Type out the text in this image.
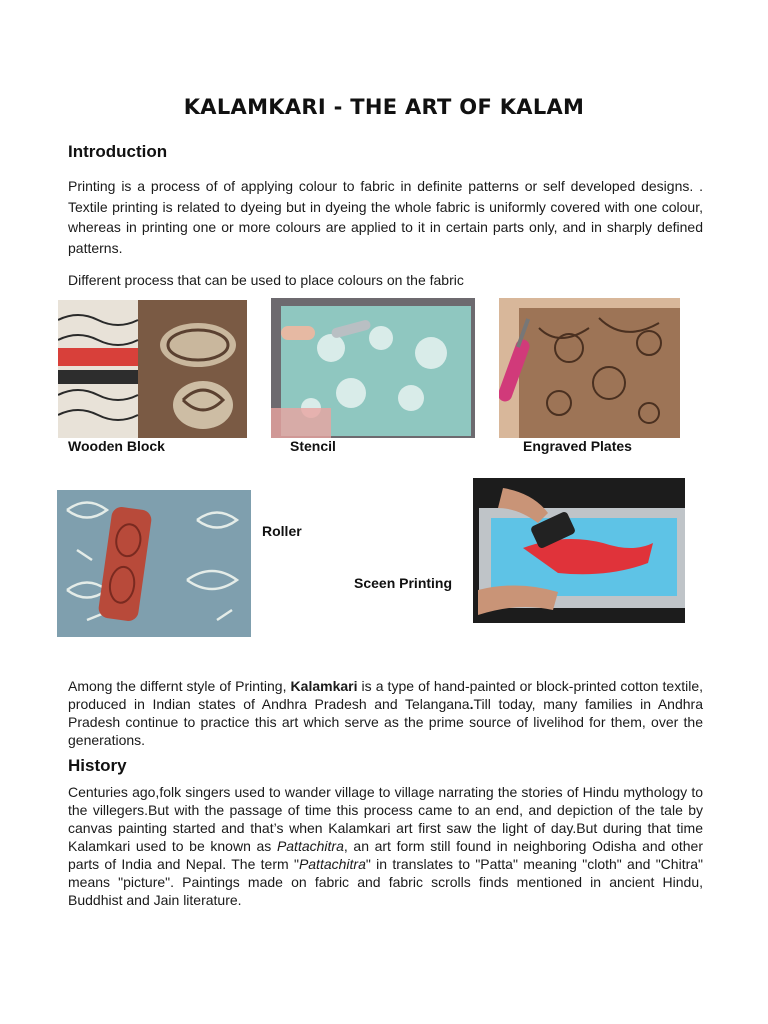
KALAMKARI - THE ART OF KALAM
Introduction
Printing is a process of of applying colour to fabric in definite patterns or self developed designs. . Textile printing is related to dyeing but in dyeing the whole fabric is uniformly covered with one colour, whereas in printing one or more colours are applied to it in certain parts only, and in sharply defined patterns.
Different process that can be used to place colours on the fabric
Wooden Block	Stencil	Engraved Plates
Roller
Sceen Printing
Among the differnt style of Printing, Kalamkari is a type of hand-painted or block-printed cotton textile, produced in Indian states of Andhra Pradesh and Telangana.Till today, many families in Andhra Pradesh continue to practice this art which serve as the prime source of livelihod for them, over the generations.
History
Centuries ago,folk singers used to wander village to village narrating the stories of Hindu mythology to the villegers.But with the passage of time this process came to an end, and depiction of the tale by canvas painting started and that’s when Kalamkari art first saw the light of day.But during that time Kalamkari used to be known as Pattachitra, an art form still found in neighboring Odisha and other parts of India and Nepal. The term "Pattachitra" in translates to "Patta" meaning "cloth" and "Chitra" means "picture". Paintings made on fabric and fabric scrolls finds mentioned in ancient Hindu, Buddhist and Jain literature.
